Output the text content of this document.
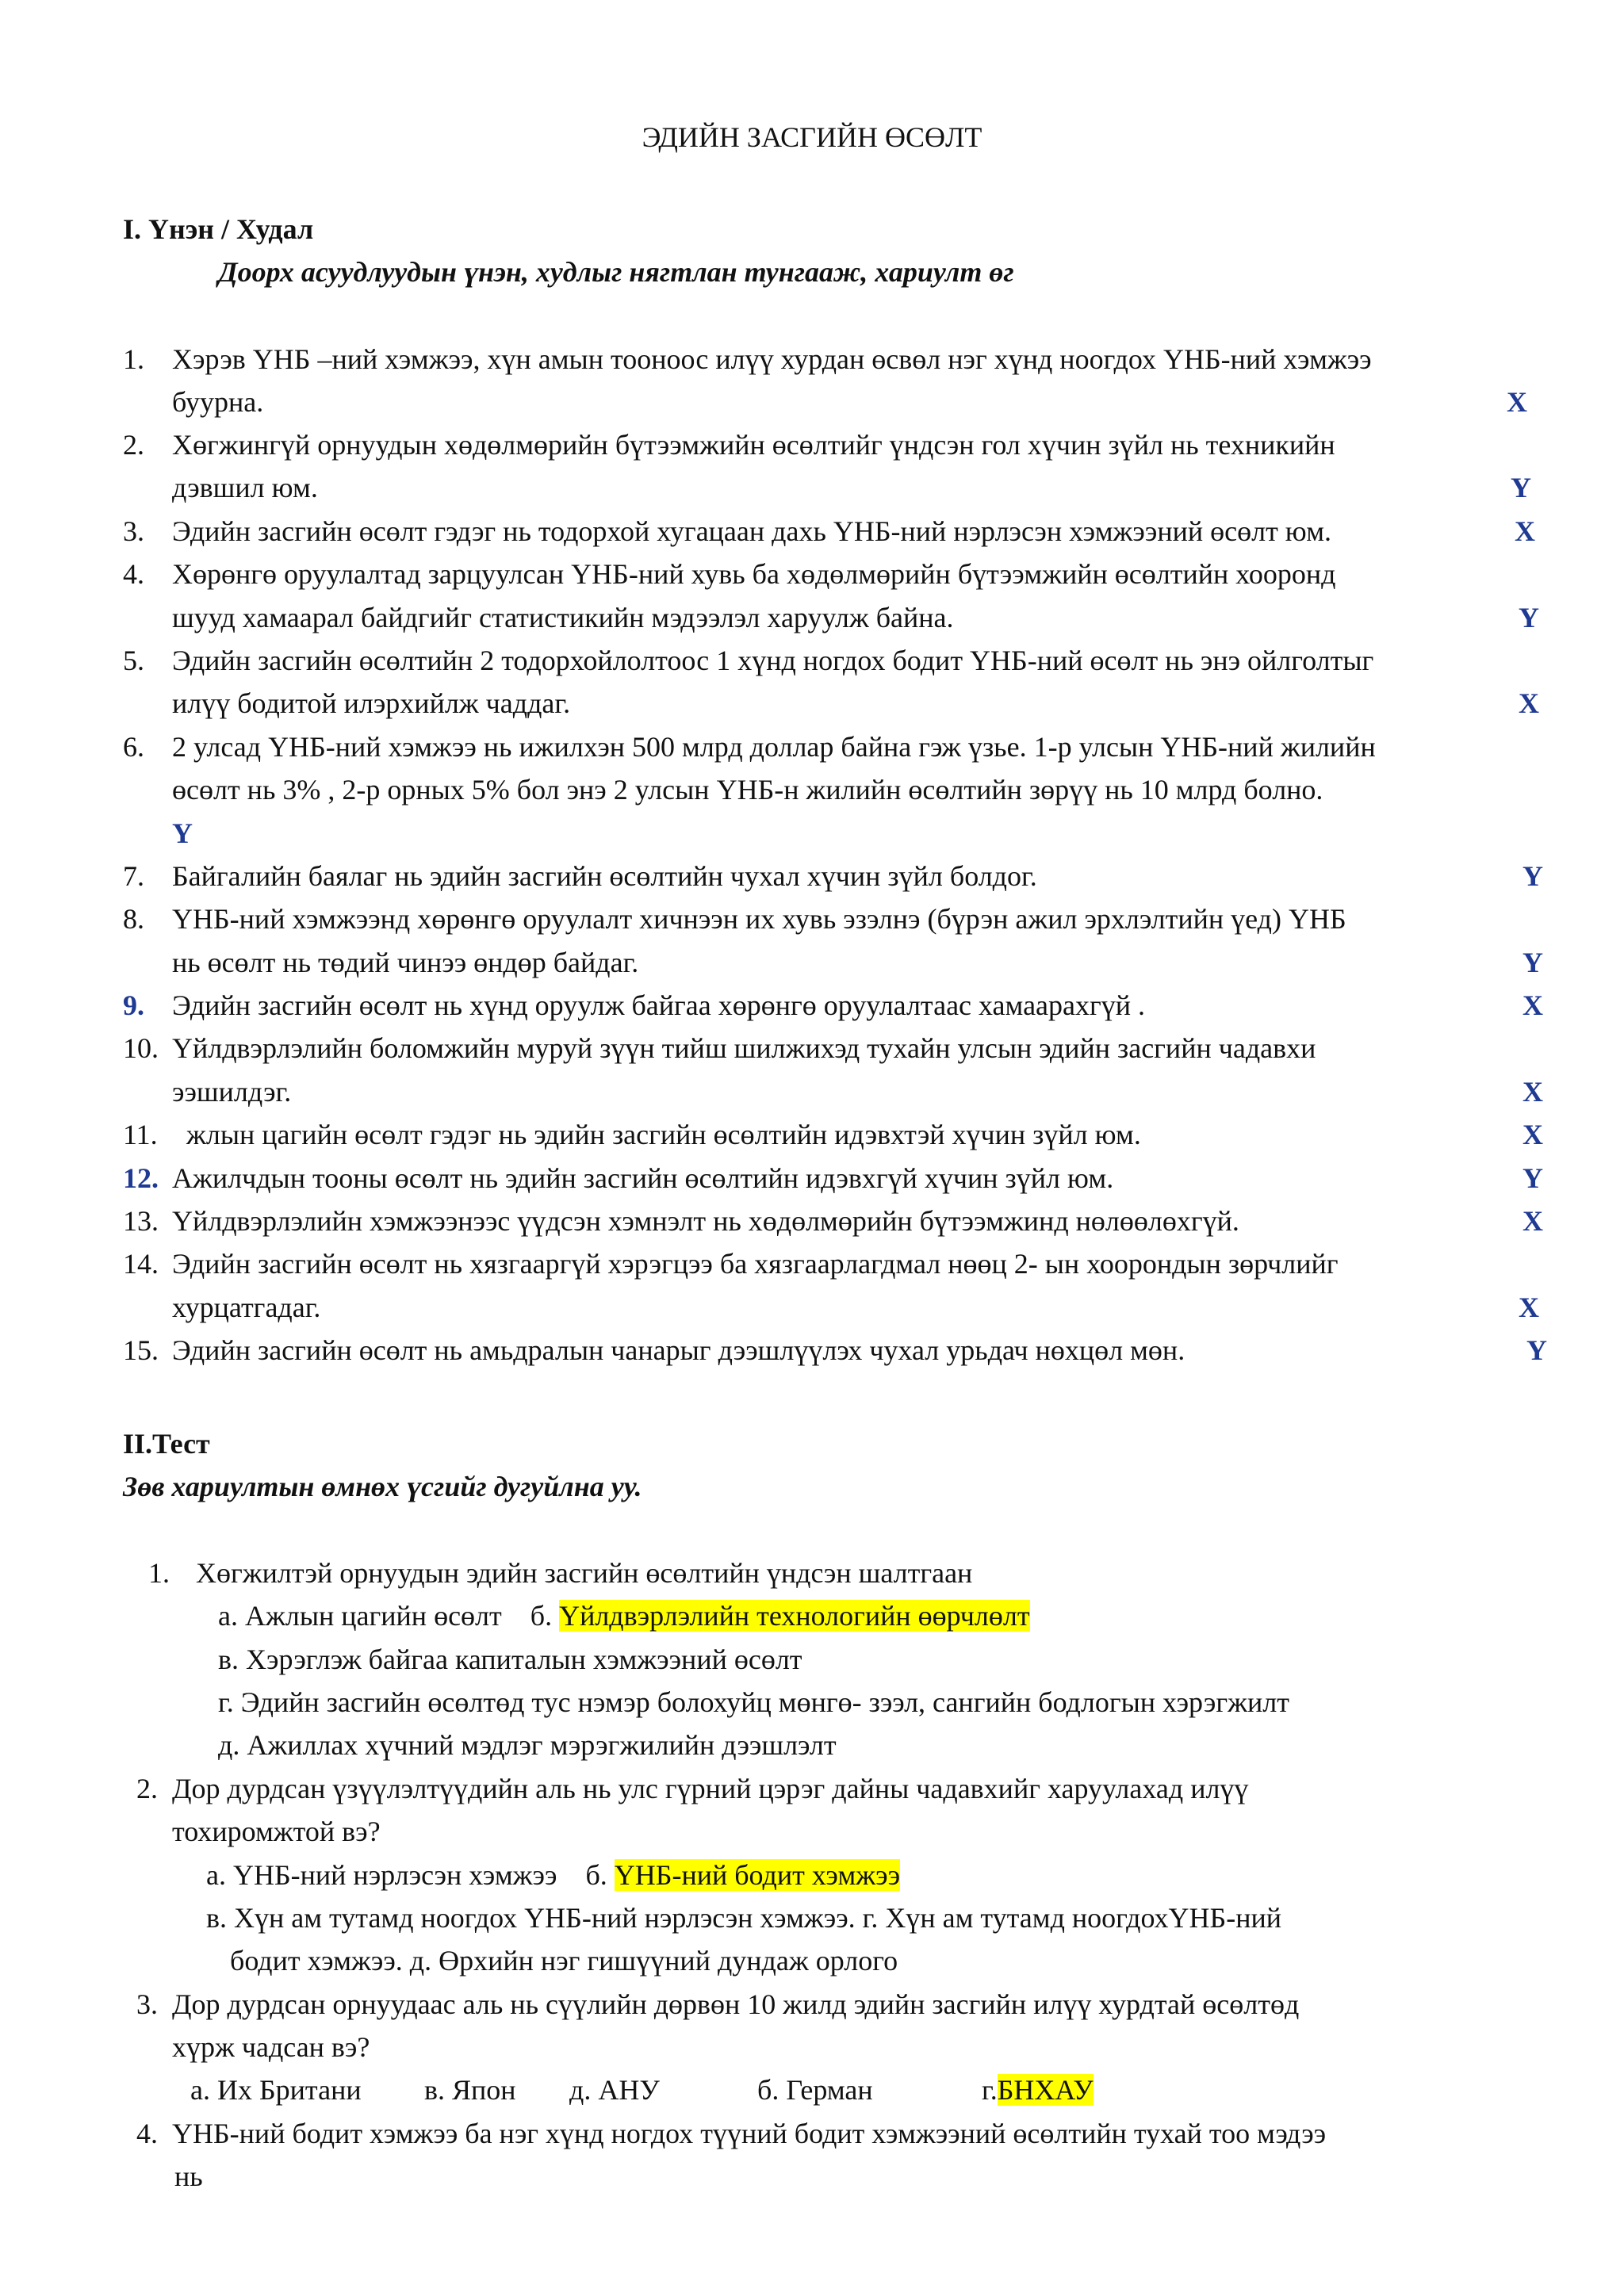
ЭДИЙН ЗАСГИЙН ӨСӨЛТ
I. Үнэн / Худал
Доорх асуудлуудын үнэн, худлыг нягтлан тунгааж, хариулт өг
1. Хэрэв ҮНБ –ний хэмжээ, хүн амын тооноос илүү хурдан өсвөл нэг хүнд ноогдох ҮНБ-ний хэмжээ
буурна.	Х
2. Хөгжингүй орнуудын хөдөлмөрийн бүтээмжийн өсөлтийг үндсэн гол хүчин зүйл нь техникийн
дэвшил юм.	Ү
3. Эдийн засгийн өсөлт гэдэг нь тодорхой хугацаан дахь ҮНБ-ний нэрлэсэн хэмжээний өсөлт юм.	Х
4. Хөрөнгө оруулалтад зарцуулсан ҮНБ-ний хувь ба хөдөлмөрийн бүтээмжийн өсөлтийн хооронд
шууд хамаарал байдгийг статистикийн мэдээлэл харуулж байна.	Ү
5. Эдийн засгийн өсөлтийн 2 тодорхойлолтоос 1 хүнд ногдох бодит ҮНБ-ний өсөлт нь энэ ойлголтыг
илүү бодитой илэрхийлж чаддаг.	Х
6. 2 улсад ҮНБ-ний хэмжээ нь ижилхэн 500 млрд доллар байна гэж үзье. 1-р улсын ҮНБ-ний жилийн
өсөлт нь 3% , 2-р орных 5% бол энэ 2 улсын ҮНБ-н жилийн өсөлтийн зөрүү нь 10 млрд болно.
Ү
7. Байгалийн баялаг нь эдийн засгийн өсөлтийн чухал хүчин зүйл болдог.	Ү
8. ҮНБ-ний хэмжээнд хөрөнгө оруулалт хичнээн их хувь эзэлнэ (бүрэн ажил эрхлэлтийн үед) ҮНБ
нь өсөлт нь төдий чинээ өндөр байдаг.	Ү
9. Эдийн засгийн өсөлт нь хүнд оруулж байгаа хөрөнгө оруулалтаас хамаарахгүй .	Х
10. Үйлдвэрлэлийн боломжийн муруй зүүн тийш шилжихэд тухайн улсын эдийн засгийн чадавхи
ээшилдэг.	Х
11. жлын цагийн өсөлт гэдэг нь эдийн засгийн өсөлтийн идэвхтэй хүчин зүйл юм.	Х
12. Ажилчдын тооны өсөлт нь эдийн засгийн өсөлтийн идэвхгүй хүчин зүйл юм.	Ү
13. Үйлдвэрлэлийн хэмжээнээс үүдсэн хэмнэлт нь хөдөлмөрийн бүтээмжинд нөлөөлөхгүй.	Х
14. Эдийн засгийн өсөлт нь хязгааргүй хэрэгцээ ба хязгаарлагдмал нөөц 2- ын хоорондын зөрчлийг
хурцатгадаг.	Х
15. Эдийн засгийн өсөлт нь амьдралын чанарыг дээшлүүлэх чухал урьдач нөхцөл мөн.	Ү
II.Тест
Зөв хариултын өмнөх үсгийг дугуйлна уу.
1. Хөгжилтэй орнуудын эдийн засгийн өсөлтийн үндсэн шалтгаан
а. Ажлын цагийн өсөлт б. Үйлдвэрлэлийн технологийн өөрчлөлт
в. Хэрэглэж байгаа капиталын хэмжээний өсөлт
г. Эдийн засгийн өсөлтөд тус нэмэр болохуйц мөнгө- зээл, сангийн бодлогын хэрэгжилт
д. Ажиллах хүчний мэдлэг мэрэгжилийн дээшлэлт
2. Дор дурдсан үзүүлэлтүүдийн аль нь улс гүрний цэрэг дайны чадавхийг харуулахад илүү
тохиромжтой вэ?
а. ҮНБ-ний нэрлэсэн хэмжээ б. ҮНБ-ний бодит хэмжээ
в. Хүн ам тутамд ноогдох ҮНБ-ний нэрлэсэн хэмжээ. г. Хүн ам тутамд ноогдохҮНБ-ний
бодит хэмжээ. д. Өрхийн нэг гишүүний дундаж орлого
3. Дор дурдсан орнуудаас аль нь сүүлийн дөрвөн 10 жилд эдийн засгийн илүү хурдтай өсөлтөд
хүрж чадсан вэ?
а. Их Британи в. Япон д. АНУ	б. Герман	г.БНХАУ
4. ҮНБ-ний бодит хэмжээ ба нэг хүнд ногдох түүний бодит хэмжээний өсөлтийн тухай тоо мэдээ
нь
